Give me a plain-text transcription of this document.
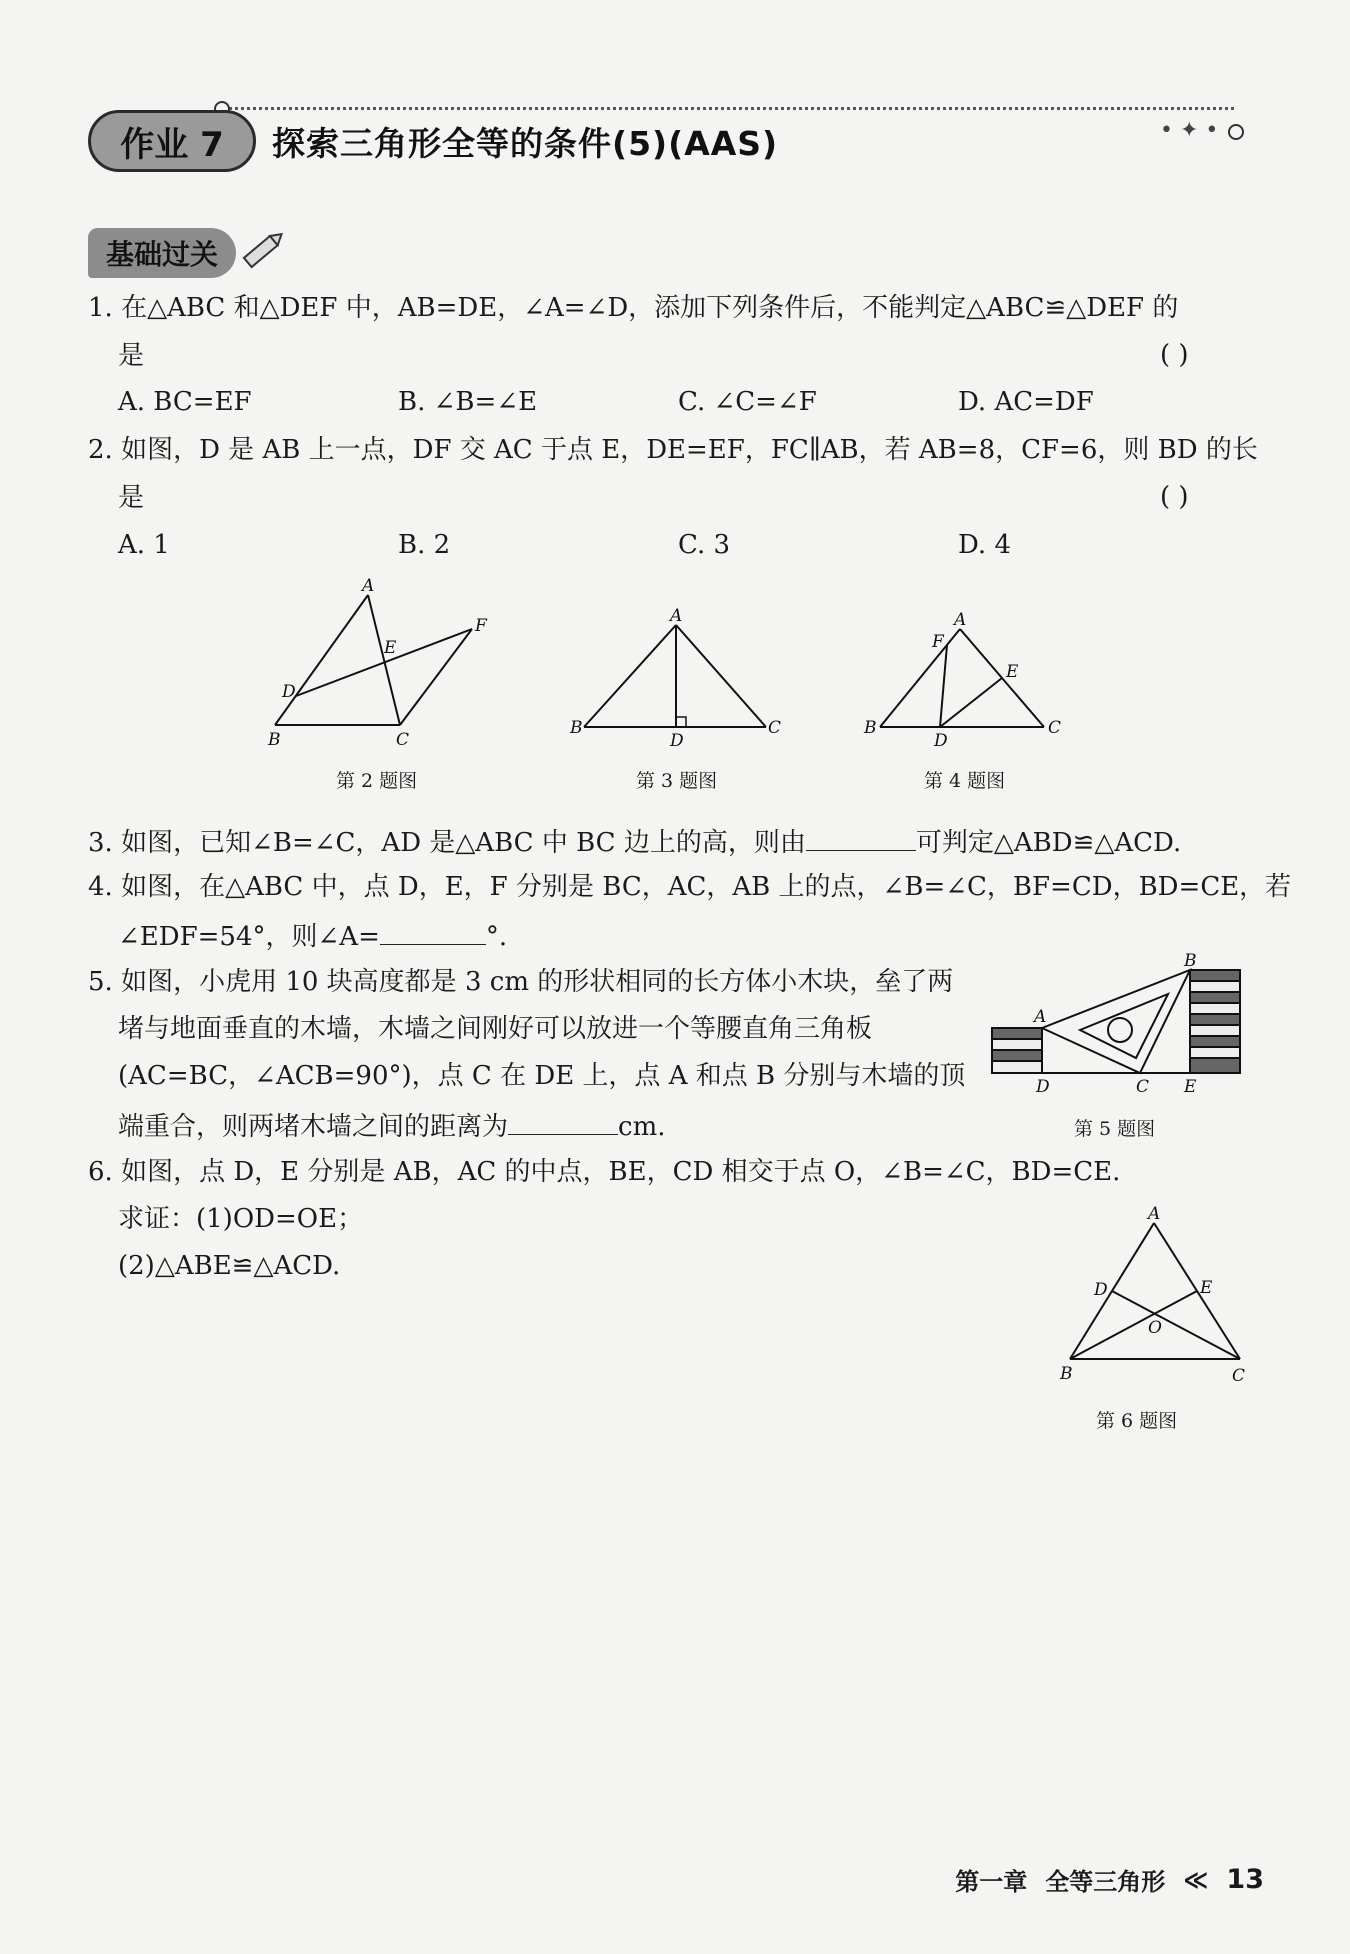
• ✦ •
作业 7	探索三角形全等的条件(5)(AAS)
基础过关
1. 在△ABC 和△DEF 中，AB=DE，∠A=∠D，添加下列条件后，不能判定△ABC≌△DEF 的
是	( )
A. BC=EF	B. ∠B=∠E	C. ∠C=∠F	D. AC=DF
2. 如图，D 是 AB 上一点，DF 交 AC 于点 E，DE=EF，FC∥AB，若 AB=8，CF=6，则 BD 的长
是	( )
A. 1	B. 2	C. 3	D. 4
A
E
F
D
B	C
第 2 题图
A
B
D
C
第 3 题图
A
F
E
B
D
C
第 4 题图
3. 如图，已知∠B=∠C，AD 是△ABC 中 BC 边上的高，则由	可判定△ABD≌△ACD.
4. 如图，在△ABC 中，点 D，E，F 分别是 BC，AC，AB 上的点，∠B=∠C，BF=CD，BD=CE，若
∠EDF=54°，则∠A=	°.
5. 如图，小虎用 10 块高度都是 3 cm 的形状相同的长方体小木块，垒了两
堵与地面垂直的木墙，木墙之间刚好可以放进一个等腰直角三角板
(AC=BC，∠ACB=90°)，点 C 在 DE 上，点 A 和点 B 分别与木墙的顶
端重合，则两堵木墙之间的距离为	cm.
B
A
D	C E
第 5 题图
6. 如图，点 D，E 分别是 AB，AC 的中点，BE，CD 相交于点 O，∠B=∠C，BD=CE.
求证：(1)OD=OE；
(2)△ABE≌△ACD.
A
D	E
O
B	C
第 6 题图
第一章 全等三角形 ≪ 13
